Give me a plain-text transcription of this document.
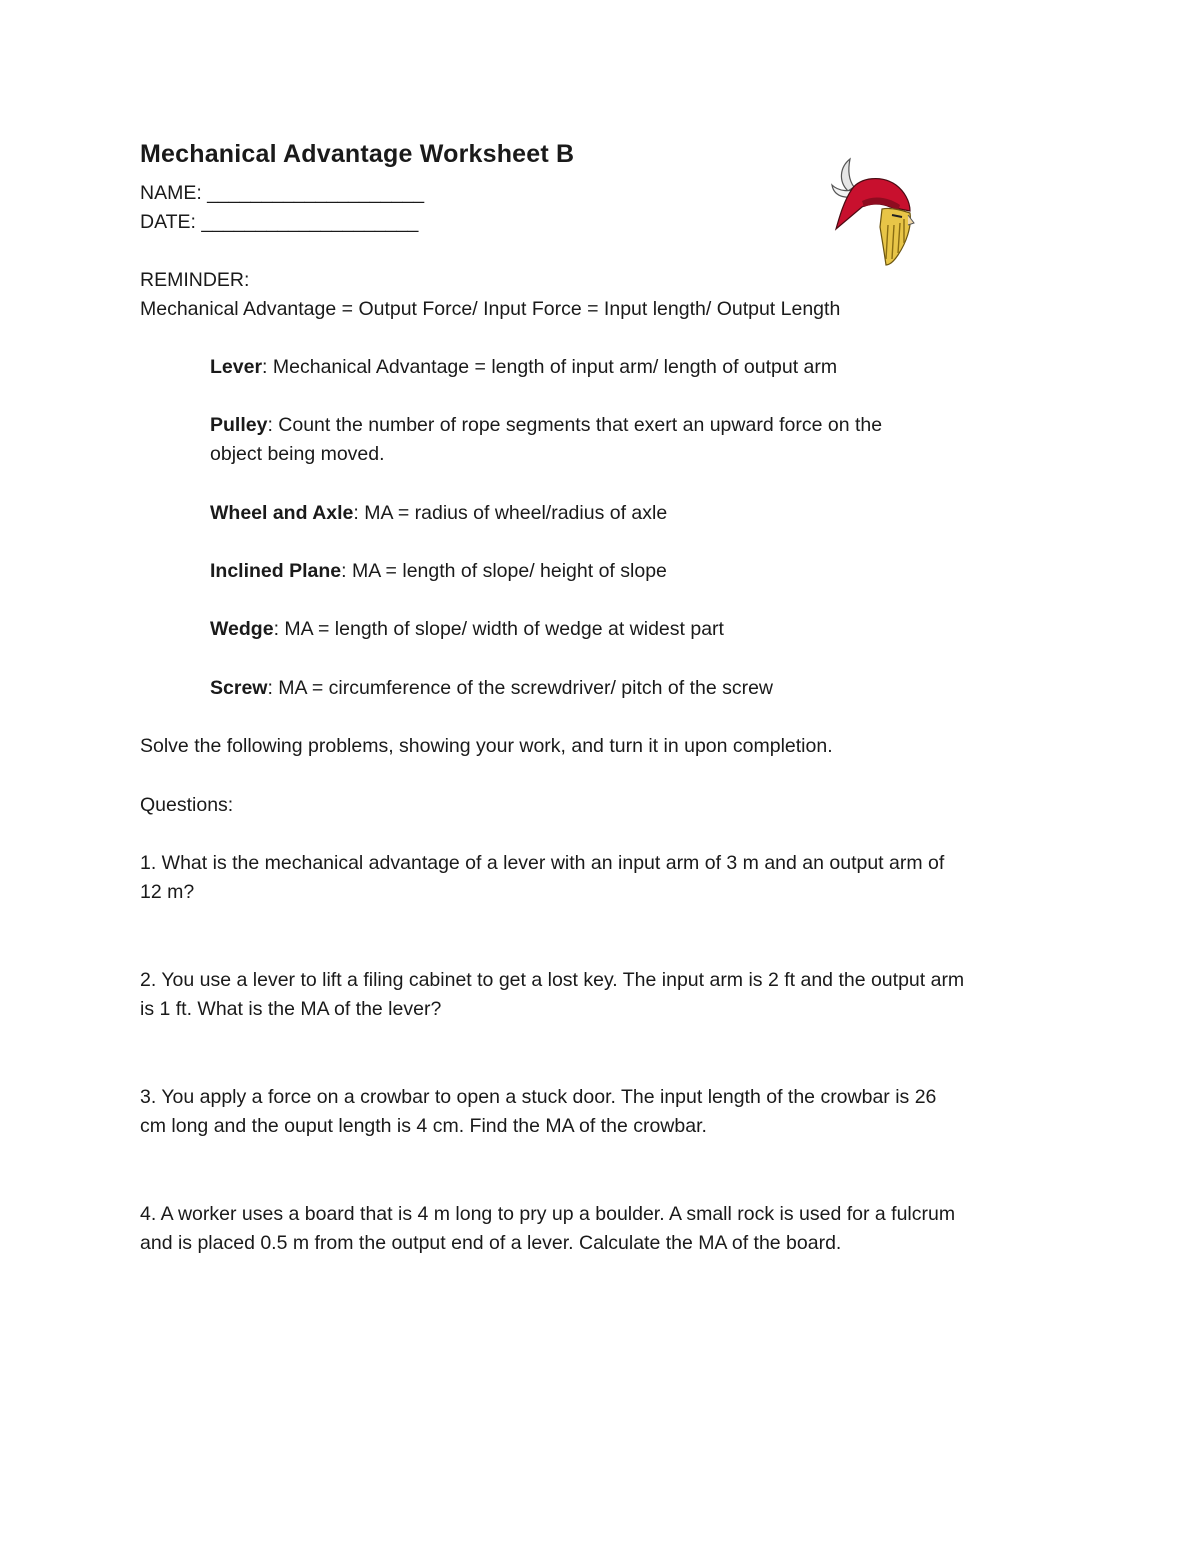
Mechanical Advantage Worksheet B
NAME: ____________________
DATE: ____________________
REMINDER:
Mechanical Advantage = Output Force/ Input Force = Input length/ Output Length
Lever: Mechanical Advantage = length of input arm/ length of output arm
Pulley: Count the number of rope segments that exert an upward force on the
object being moved.
Wheel and Axle: MA = radius of wheel/radius of axle
Inclined Plane: MA = length of slope/ height of slope
Wedge: MA = length of slope/ width of wedge at widest part
Screw: MA = circumference of the screwdriver/ pitch of the screw
Solve the following problems, showing your work, and turn it in upon completion.
Questions:
1. What is the mechanical advantage of a lever with an input arm of 3 m and an output arm of
12 m?
2. You use a lever to lift a filing cabinet to get a lost key. The input arm is 2 ft and the output arm
is 1 ft. What is the MA of the lever?
3. You apply a force on a crowbar to open a stuck door. The input length of the crowbar is 26
cm long and the ouput length is 4 cm. Find the MA of the crowbar.
4. A worker uses a board that is 4 m long to pry up a boulder. A small rock is used for a fulcrum
and is placed 0.5 m from the output end of a lever. Calculate the MA of the board.
